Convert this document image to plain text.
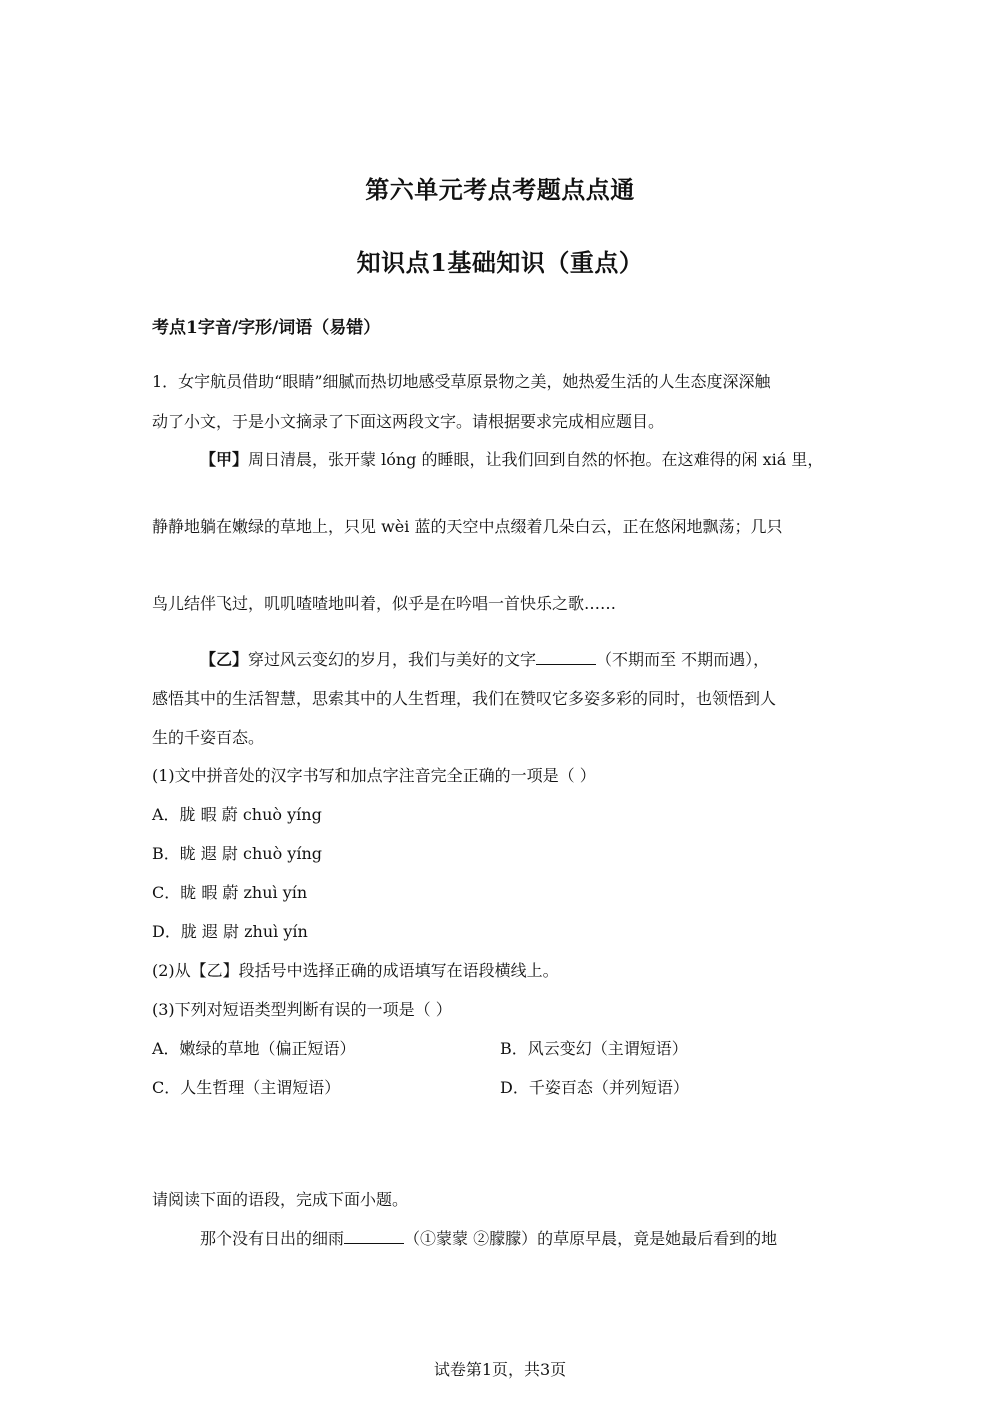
第六单元考点考题点点通
知识点1基础知识（重点）
考点1字音/字形/词语（易错）
1．女宇航员借助“眼睛”细腻而热切地感受草原景物之美，她热爱生活的人生态度深深触
动了小文，于是小文摘录了下面这两段文字。请根据要求完成相应题目。
【甲】周日清晨，张开蒙 lóng 的睡眼，让我们回到自然的怀抱。在这难得的闲 xiá 里，
静静地躺在嫩绿的草地上，只见 wèi 蓝的天空中点缀着几朵白云，正在悠闲地飘荡；几只
鸟儿结伴飞过，叽叽喳喳地叫着，似乎是在吟唱一首快乐之歌……
【乙】穿过风云变幻的岁月，我们与美好的文字	（不期而至 不期而遇），
感悟其中的生活智慧，思索其中的人生哲理，我们在赞叹它多姿多彩的同时，也领悟到人
生的千姿百态。
(1)文中拼音处的汉字书写和加点字注音完全正确的一项是（ ）
A．胧 暇 蔚 chuò yíng
B．眬 遐 尉 chuò yíng
C．眬 暇 蔚 zhuì yín
D．胧 遐 尉 zhuì yín
(2)从【乙】段括号中选择正确的成语填写在语段横线上。
(3)下列对短语类型判断有误的一项是（ ）
A．嫩绿的草地（偏正短语）	B．风云变幻（主谓短语）
C．人生哲理（主谓短语）	D．千姿百态（并列短语）
请阅读下面的语段，完成下面小题。
那个没有日出的细雨	（①蒙蒙 ②朦朦）的草原早晨，竟是她最后看到的地
试卷第1页，共3页
